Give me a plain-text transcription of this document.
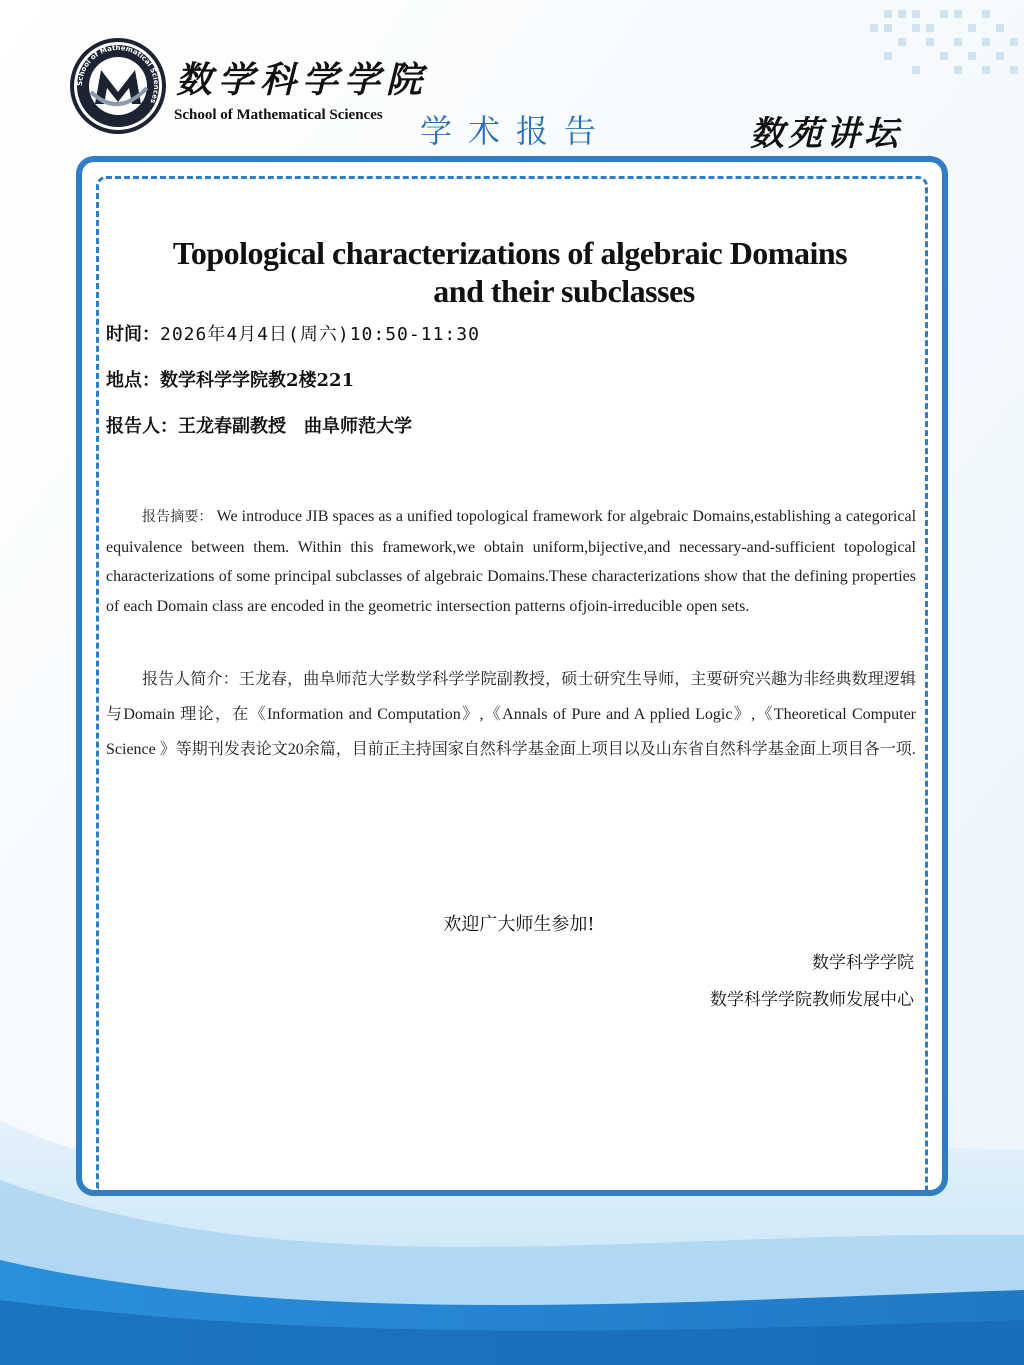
School of Mathematical Sciences
M 数学科学学院
School of Mathematical Sciences 学术报告	数苑讲坛
Topological characterizations of algebraic Domains
and their subclasses
时间：2026年4月4日(周六)10:50-11:30
地点：数学科学学院教2楼221
报告人：王龙春副教授　曲阜师范大学
报告摘要： We introduce JIB spaces as a unified topological framework for algebraic Domains,establishing a categorical equivalence between them. Within this framework,we obtain uniform,bijective,and necessary-and-sufficient topological characterizations of some principal subclasses of algebraic Domains.These characterizations show that the defining properties of each Domain class are encoded in the geometric intersection patterns ofjoin-irreducible open sets.
报告人简介：王龙春，曲阜师范大学数学科学学院副教授，硕士研究生导师，主要研究兴趣为非经典数理逻辑与Domain 理论，在《Information and Computation》,《Annals of Pure and A pplied Logic》,《Theoretical Computer Science 》等期刊发表论文20余篇，目前正主持国家自然科学基金面上项目以及山东省自然科学基金面上项目各一项.
欢迎广大师生参加!
数学科学学院
数学科学学院教师发展中心
